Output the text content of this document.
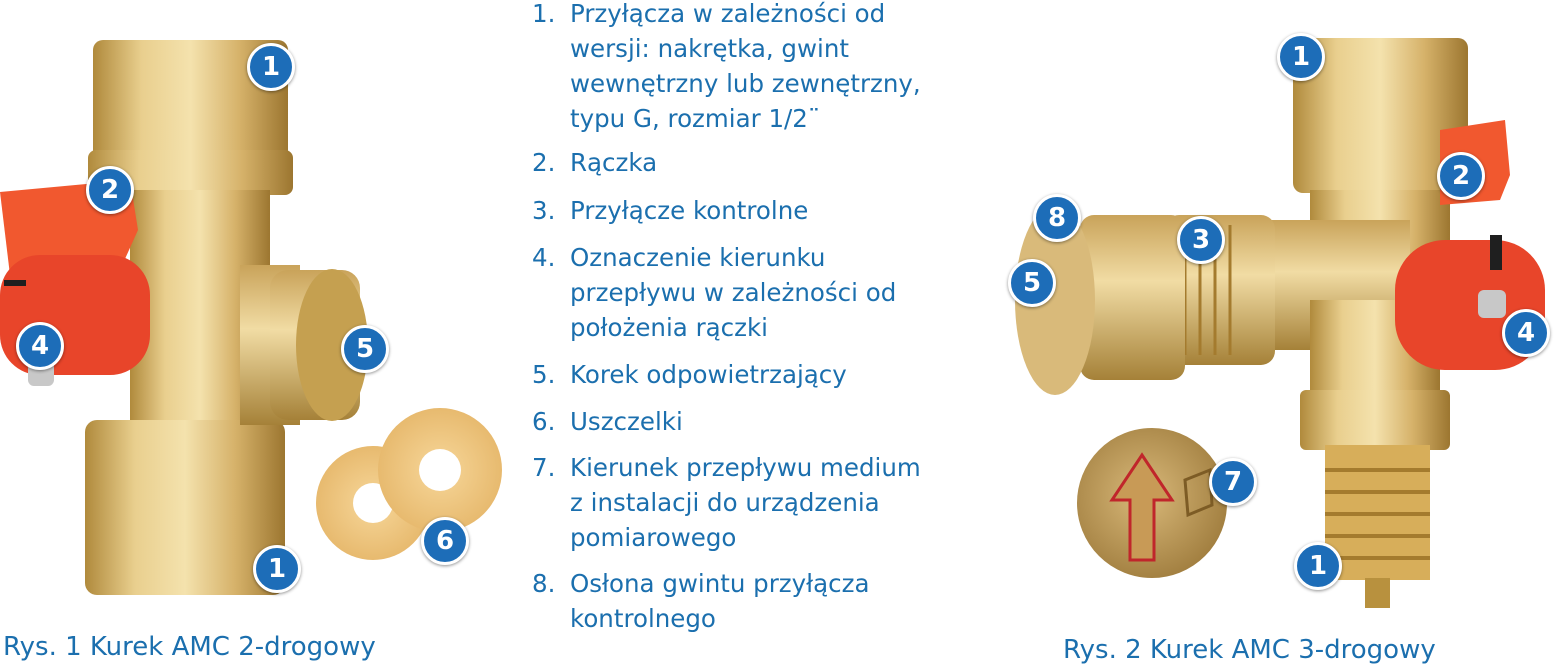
1
2
4	5
1
6
1
2
8
3
5
4
7
1
1. Przyłącza w zależności od
wersji: nakrętka, gwint
wewnętrzny lub zewnętrzny,
typu G, rozmiar 1/2¨
2. Rączka
3. Przyłącze kontrolne
4. Oznaczenie kierunku
przepływu w zależności od
położenia rączki
5. Korek odpowietrzający
6. Uszczelki
7. Kierunek przepływu medium
z instalacji do urządzenia
pomiarowego
8. Osłona gwintu przyłącza
kontrolnego
Rys. 1 Kurek AMC 2-drogowy	Rys. 2 Kurek AMC 3-drogowy
